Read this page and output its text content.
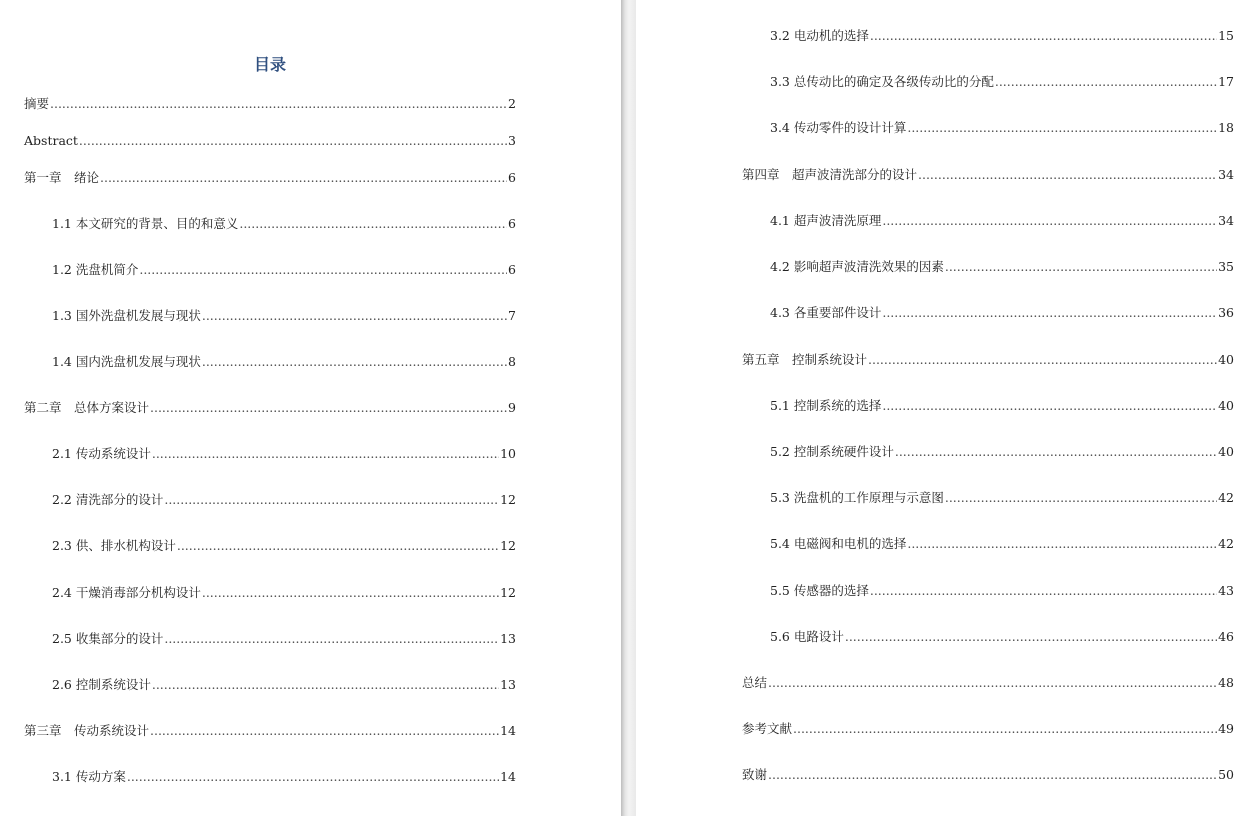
目录
摘要 .....	2
Abstract .....	3
第一章　绪论 .....	6
1.1 本文研究的背景、目的和意义 .....	6
1.2 洗盘机简介 .....	6
1.3 国外洗盘机发展与现状 .....	7
1.4 国内洗盘机发展与现状 .....	8
第二章　总体方案设计 .....	9
2.1 传动系统设计 .....	10
2.2 清洗部分的设计 .....	12
2.3 供、排水机构设计 .....	12
2.4 干燥消毒部分机构设计 .....	12
2.5 收集部分的设计 .....	13
2.6 控制系统设计 .....	13
第三章　传动系统设计 .....	14
3.1 传动方案 .....	14
3.2 电动机的选择 .....	15
3.3 总传动比的确定及各级传动比的分配 .....	17
3.4 传动零件的设计计算 .....	18
第四章　超声波清洗部分的设计 .....	34
4.1 超声波清洗原理 .....	34
4.2 影响超声波清洗效果的因素 .....	35
4.3 各重要部件设计 .....	36
第五章　控制系统设计 .....	40
5.1 控制系统的选择 .....	40
5.2 控制系统硬件设计 .....	40
5.3 洗盘机的工作原理与示意图 .....	42
5.4 电磁阀和电机的选择 .....	42
5.5 传感器的选择 .....	43
5.6 电路设计 .....	46
总结 .....	48
参考文献 .....	49
致谢 .....	50
